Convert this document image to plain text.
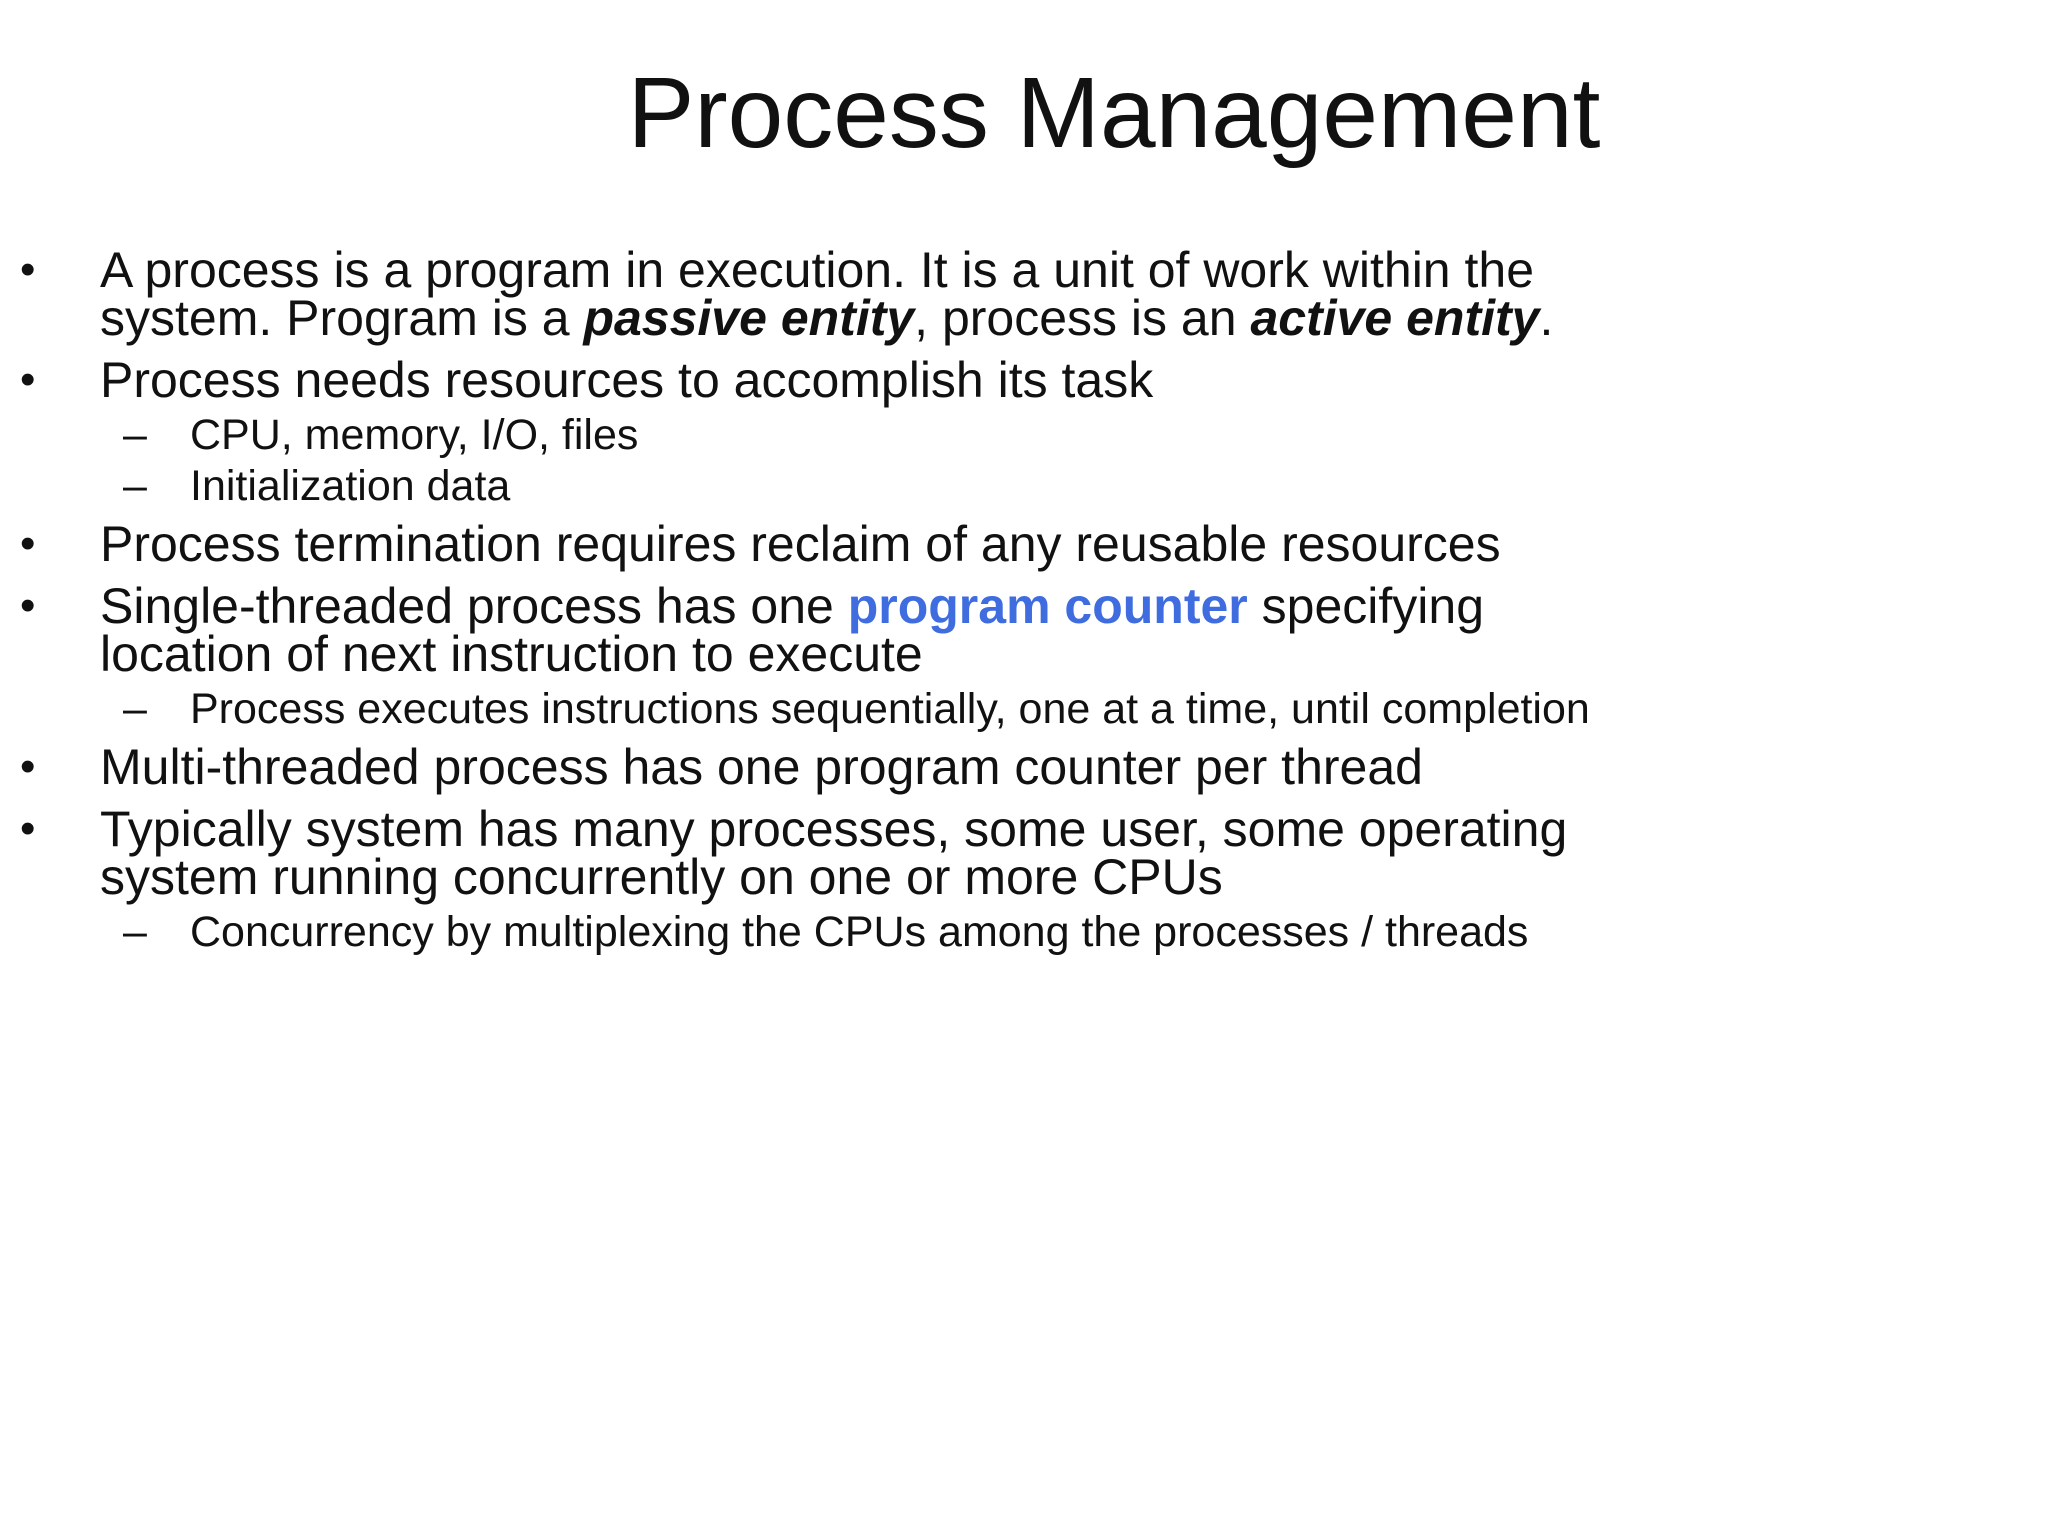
Process Management
• A process is a program in execution. It is a unit of work within the system. Program is a passive entity, process is an active entity.
• Process needs resources to accomplish its task
– CPU, memory, I/O, files
– Initialization data
• Process termination requires reclaim of any reusable resources
• Single-threaded process has one program counter specifying location of next instruction to execute
– Process executes instructions sequentially, one at a time, until completion
• Multi-threaded process has one program counter per thread
• Typically system has many processes, some user, some operating system running concurrently on one or more CPUs
– Concurrency by multiplexing the CPUs among the processes / threads
